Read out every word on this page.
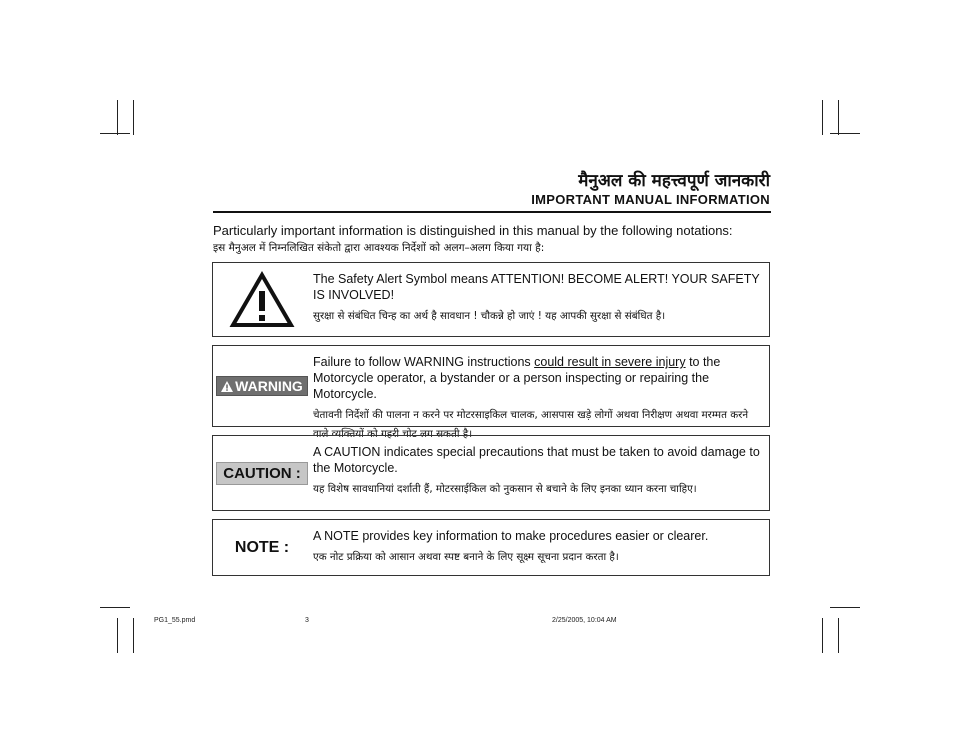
मैनुअल की महत्त्वपूर्ण जानकारी
IMPORTANT MANUAL INFORMATION
Particularly important information is distinguished in this manual by the following notations:
इस मैनुअल में निम्नलिखित संकेतो द्वारा आवश्यक निर्देशों को अलग–अलग किया गया है:
The Safety Alert Symbol means ATTENTION! BECOME ALERT! YOUR SAFETY IS INVOLVED!
सुरक्षा से संबंधित चिन्ह का अर्थ है सावधान ! चौकन्ने हो जाएं ! यह आपकी सुरक्षा से संबंधित है।
WARNING
Failure to follow WARNING instructions could result in severe injury to the Motorcycle operator, a bystander or a person inspecting or repairing the Motorcycle.
चेतावनी निर्देशों की पालना न करने पर मोटरसाइकिल चालक, आसपास खड़े लोगों अथवा निरीक्षण अथवा मरम्मत करने वाले व्यक्तियों को गहरी चोट लग सकती है।
CAUTION :
A CAUTION indicates special precautions that must be taken to avoid damage to the Motorcycle.
यह विशेष सावधानियां दर्शाती हैं, मोटरसाईकिल को नुकसान से बचाने के लिए इनका ध्यान करना चाहिए।
NOTE :
A NOTE provides key information to make procedures easier or clearer.
एक नोट प्रक्रिया को आसान अथवा स्पष्ट बनाने के लिए सूक्ष्म सूचना प्रदान करता है।
PG1_55.pmd	3	2/25/2005, 10:04 AM
